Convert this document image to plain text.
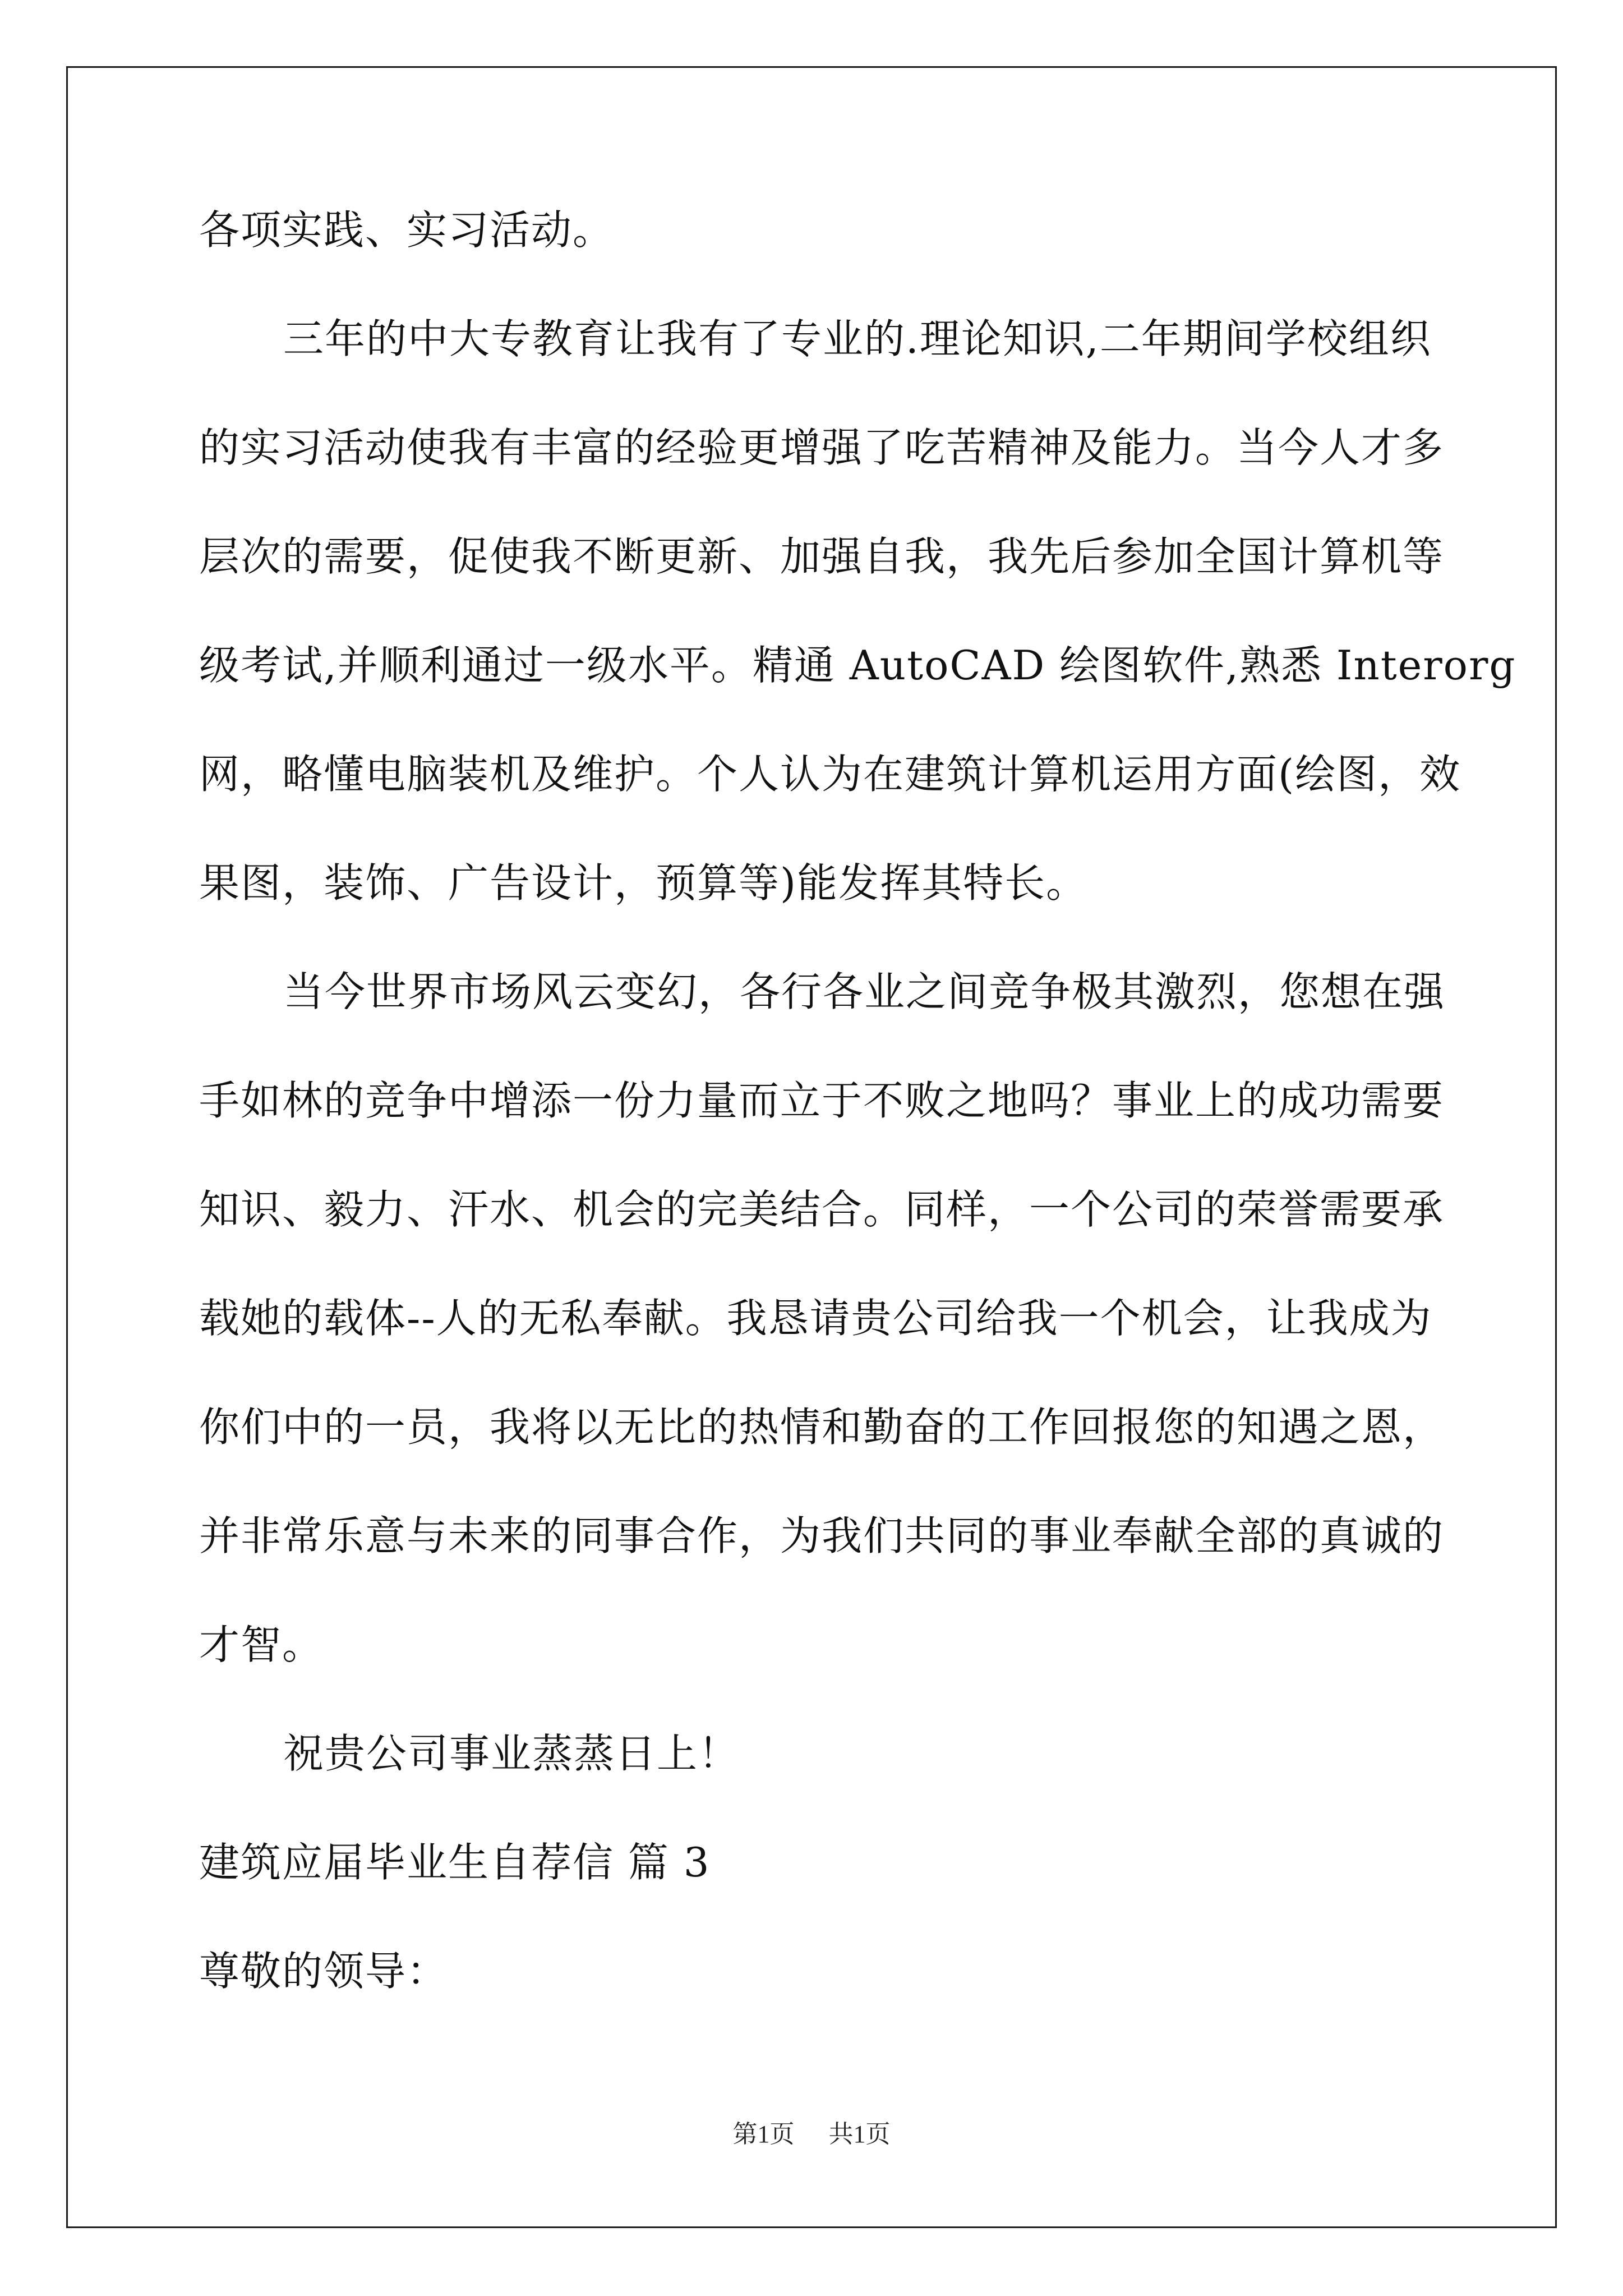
各项实践、实习活动。
三年的中大专教育让我有了专业的.理论知识,二年期间学校组织
的实习活动使我有丰富的经验更增强了吃苦精神及能力。当今人才多
层次的需要，促使我不断更新、加强自我，我先后参加全国计算机等
级考试,并顺利通过一级水平。精通 AutoCAD 绘图软件,熟悉 Interorg
网，略懂电脑装机及维护。个人认为在建筑计算机运用方面(绘图，效
果图，装饰、广告设计，预算等)能发挥其特长。
当今世界市场风云变幻，各行各业之间竞争极其激烈，您想在强
手如林的竞争中增添一份力量而立于不败之地吗？事业上的成功需要
知识、毅力、汗水、机会的完美结合。同样，一个公司的荣誉需要承
载她的载体--人的无私奉献。我恳请贵公司给我一个机会，让我成为
你们中的一员，我将以无比的热情和勤奋的工作回报您的知遇之恩，
并非常乐意与未来的同事合作，为我们共同的事业奉献全部的真诚的
才智。
祝贵公司事业蒸蒸日上！
建筑应届毕业生自荐信 篇 3
尊敬的领导：
第1页 共1页
